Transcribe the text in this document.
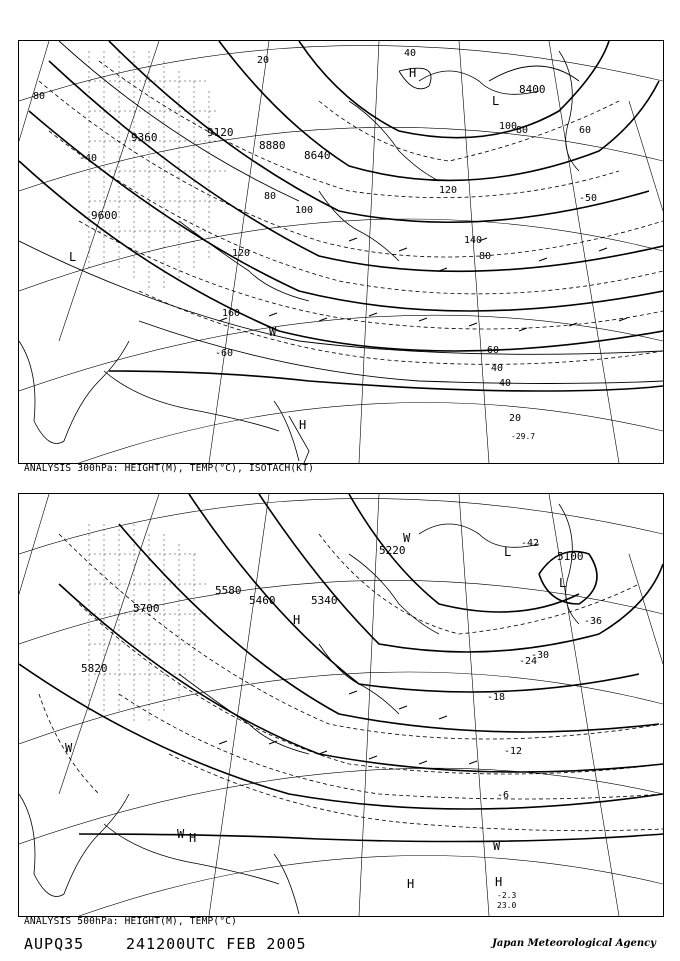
9600
9120
9360
8880
8640
8400
80
40
20
80
100
120
140
160
120
100
80
60
40
20
40
80	60
-60
-40
-50
H
L
H
L
W
-29.7
ANALYSIS 300hPa: HEIGHT(M), TEMP(°C), ISOTACH(KT)
5820
5700
5580
5460	5340
5220	5100
-42
-36
-30
-24
-18
-12
-6
L
L
W
W
W H
H	H
H
W
-2.3
23.0
ANALYSIS 500hPa: HEIGHT(M), TEMP(°C)
AUPQ35	241200UTC FEB 2005	Japan Meteorological Agency
